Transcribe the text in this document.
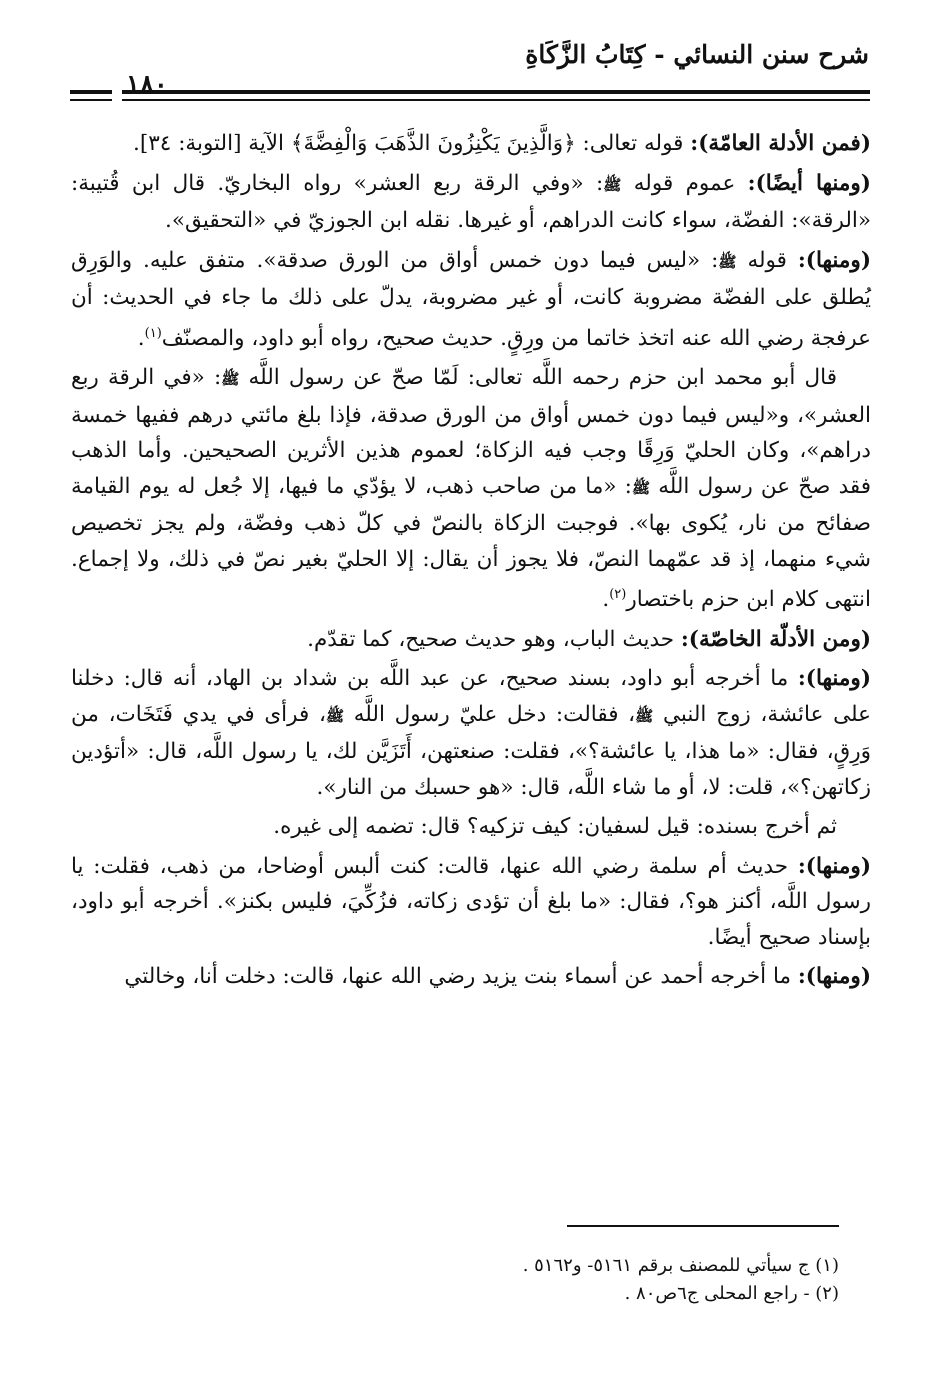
شرح سنن النسائي - كِتَابُ الزَّكَاةِ
١٨٠

(فمن الأدلة العامّة): قوله تعالى: ﴿وَالَّذِينَ يَكْنِزُونَ الذَّهَبَ وَالْفِضَّةَ﴾ الآية [التوبة: ٣٤].

(ومنها أيضًا): عموم قوله ﷺ: «وفي الرقة ربع العشر» رواه البخاريّ. قال ابن قُتيبة: «الرقة»: الفضّة، سواء كانت الدراهم، أو غيرها. نقله ابن الجوزيّ في «التحقيق».

(ومنها): قوله ﷺ: «ليس فيما دون خمس أواق من الورق صدقة». متفق عليه. والوَرِق يُطلق على الفضّة مضروبة كانت، أو غير مضروبة، يدلّ على ذلك ما جاء في الحديث: أن عرفجة رضي الله عنه اتخذ خاتما من ورِقٍ. حديث صحيح، رواه أبو داود، والمصنّف$^{(١)}$.

قال أبو محمد ابن حزم رحمه اللَّه تعالى: لَمّا صحّ عن رسول اللَّه ﷺ: «في الرقة ربع العشر»، و«ليس فيما دون خمس أواق من الورق صدقة، فإذا بلغ مائتي درهم ففيها خمسة دراهم»، وكان الحليّ وَرِقًا وجب فيه الزكاة؛ لعموم هذين الأثرين الصحيحين. وأما الذهب فقد صحّ عن رسول اللَّه ﷺ: «ما من صاحب ذهب، لا يؤدّي ما فيها، إلا جُعل له يوم القيامة صفائح من نار، يُكوى بها». فوجبت الزكاة بالنصّ في كلّ ذهب وفضّة، ولم يجز تخصيص شيء منهما، إذ قد عمّهما النصّ، فلا يجوز أن يقال: إلا الحليّ بغير نصّ في ذلك، ولا إجماع. انتهى كلام ابن حزم باختصار$^{(٢)}$.

(ومن الأدلّة الخاصّة): حديث الباب، وهو حديث صحيح، كما تقدّم.

(ومنها): ما أخرجه أبو داود، بسند صحيح، عن عبد اللَّه بن شداد بن الهاد، أنه قال: دخلنا على عائشة، زوج النبي ﷺ، فقالت: دخل عليّ رسول اللَّه ﷺ، فرأى في يدي فَتَخَات، من وَرِقٍ، فقال: «ما هذا، يا عائشة؟»، فقلت: صنعتهن، أَتَزَيَّن لك، يا رسول اللَّه، قال: «أتؤدين زكاتهن؟»، قلت: لا، أو ما شاء اللَّه، قال: «هو حسبك من النار».

ثم أخرج بسنده: قيل لسفيان: كيف تزكيه؟ قال: تضمه إلى غيره.

(ومنها): حديث أم سلمة رضي الله عنها، قالت: كنت ألبس أوضاحا، من ذهب، فقلت: يا رسول اللَّه، أكنز هو؟، فقال: «ما بلغ أن تؤدى زكاته، فزُكِّيَ، فليس بكنز». أخرجه أبو داود، بإسناد صحيح أيضًا.

(ومنها): ما أخرجه أحمد عن أسماء بنت يزيد رضي الله عنها، قالت: دخلت أنا، وخالتي

(١) ج سيأتي للمصنف برقم ٥١٦١- و٥١٦٢ .

(٢) - راجع المحلى ج٦ص٨٠ .
